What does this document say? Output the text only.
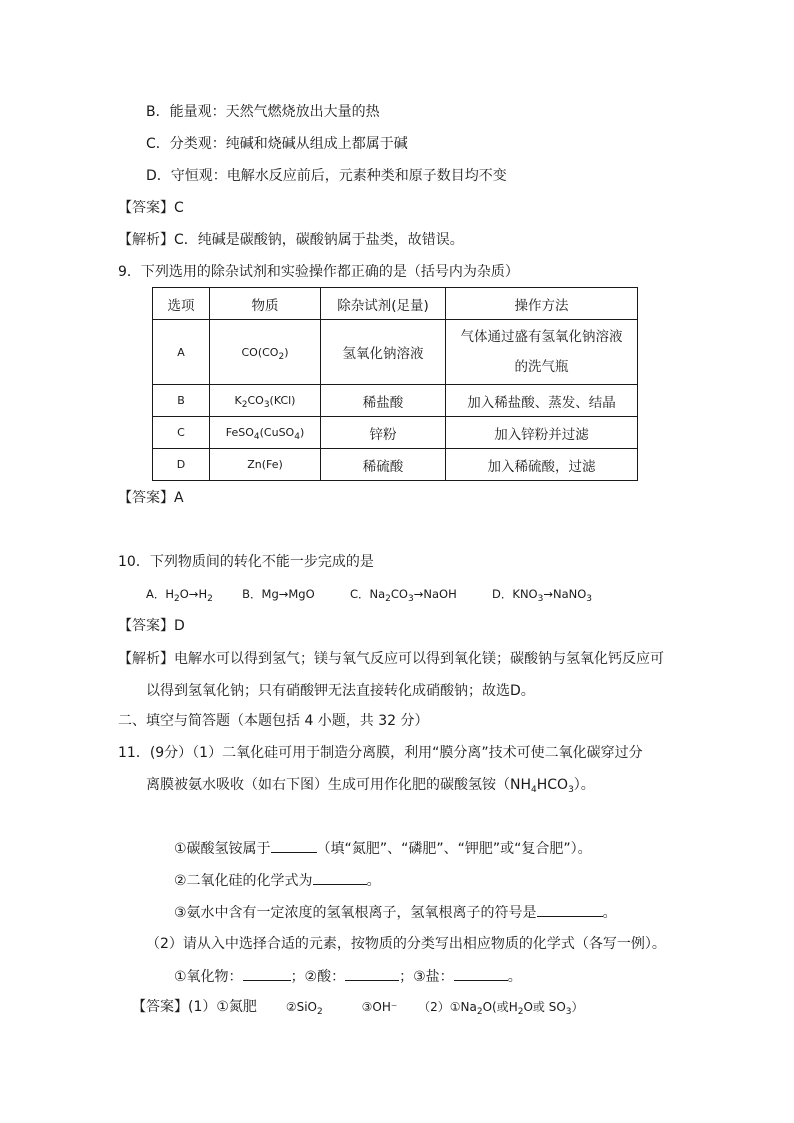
B．能量观：天然气燃烧放出大量的热
C．分类观：纯碱和烧碱从组成上都属于碱
D．守恒观：电解水反应前后，元素种类和原子数目均不变
【答案】C
【解析】C．纯碱是碳酸钠，碳酸钠属于盐类，故错误。
9．下列选用的除杂试剂和实验操作都正确的是（括号内为杂质）
选项	物质	除杂试剂(足量)	操作方法
A	$CO(CO_2)$	氢氧化钠溶液	气体通过盛有氢氧化钠溶液
的洗气瓶
B	$K_2CO_3(KCl)$	稀盐酸	加入稀盐酸、蒸发、结晶
C	FeSO$_4$(CuSO$_4$)	锌粉	加入锌粉并过滤
D	Zn(Fe)	稀硫酸	加入稀硫酸，过滤
【答案】A
10．下列物质间的转化不能一步完成的是
A．$H_2O\to H_2$	B．Mg→MgO	C．$Na_2CO_3\to NaOH$	D．$KNO_3\to NaNO_3$
【答案】D
【解析】电解水可以得到氢气；镁与氧气反应可以得到氧化镁；碳酸钠与氢氧化钙反应可
以得到氢氧化钠；只有硝酸钾无法直接转化成硝酸钠；故选D。
二、填空与简答题（本题包括 4 小题，共 32 分）
11．(9分）（1）二氧化硅可用于制造分离膜，利用“膜分离”技术可使二氧化碳穿过分
离膜被氨水吸收（如右下图）生成可用作化肥的碳酸氢铵$(NH_4HCO_3)$。
①碳酸氢铵属于	（填“氮肥”、“磷肥”、“钾肥”或“复合肥”）。
②二氧化硅的化学式为	。
③氨水中含有一定浓度的氢氧根离子，氢氧根离子的符号是	。
（2）请从入中选择合适的元素，按物质的分类写出相应物质的化学式（各写一例）。
①氧化物：	；②酸：	；③盐：	。
【答案】(1）①氮肥 ②SiO$_2$	③OH⁻ $(2)①Na_2O$(或$H_2O$或 $SO_3$）
